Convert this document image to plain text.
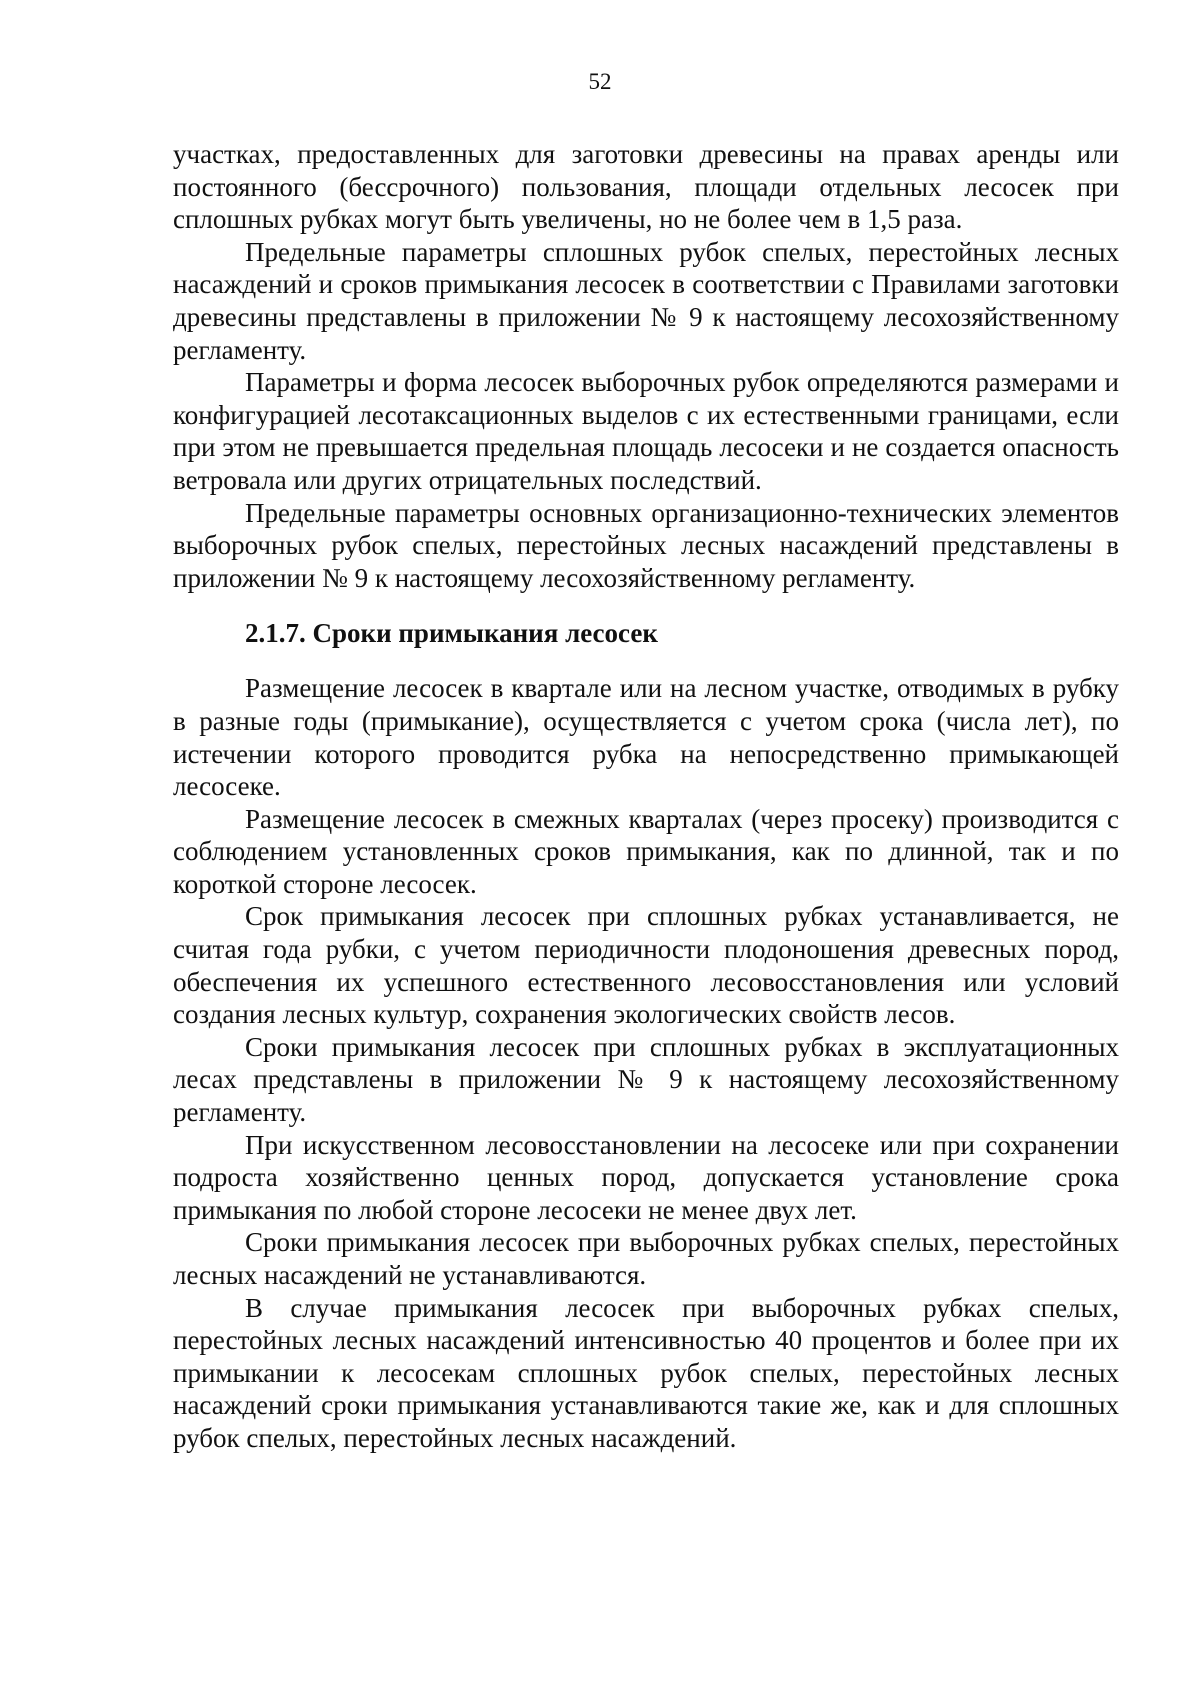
52

участках, предоставленных для заготовки древесины на правах аренды или постоянного (бессрочного) пользования, площади отдельных лесосек при сплошных рубках могут быть увеличены, но не более чем в 1,5 раза.

Предельные параметры сплошных рубок спелых, перестойных лесных насаждений и сроков примыкания лесосек в соответствии с Правилами заготовки древесины представлены в приложении № 9 к настоящему лесохозяйственному регламенту.

Параметры и форма лесосек выборочных рубок определяются размерами и конфигурацией лесотаксационных выделов с их естественными границами, если при этом не превышается предельная площадь лесосеки и не создается опасность ветровала или других отрицательных последствий.

Предельные параметры основных организационно-технических элементов выборочных рубок спелых, перестойных лесных насаждений представлены в приложении № 9 к настоящему лесохозяйственному регламенту.

2.1.7. Сроки примыкания лесосек

Размещение лесосек в квартале или на лесном участке, отводимых в рубку в разные годы (примыкание), осуществляется с учетом срока (числа лет), по истечении которого проводится рубка на непосредственно примыкающей лесосеке.

Размещение лесосек в смежных кварталах (через просеку) производится с соблюдением установленных сроков примыкания, как по длинной, так и по короткой стороне лесосек.

Срок примыкания лесосек при сплошных рубках устанавливается, не считая года рубки, с учетом периодичности плодоношения древесных пород, обеспечения их успешного естественного лесовосстановления или условий создания лесных культур, сохранения экологических свойств лесов.

Сроки примыкания лесосек при сплошных рубках в эксплуатационных лесах представлены в приложении № 9 к настоящему лесохозяйственному регламенту.

При искусственном лесовосстановлении на лесосеке или при сохранении подроста хозяйственно ценных пород, допускается установление срока примыкания по любой стороне лесосеки не менее двух лет.

Сроки примыкания лесосек при выборочных рубках спелых, перестойных лесных насаждений не устанавливаются.

В случае примыкания лесосек при выборочных рубках спелых, перестойных лесных насаждений интенсивностью 40 процентов и более при их примыкании к лесосекам сплошных рубок спелых, перестойных лесных насаждений сроки примыкания устанавливаются такие же, как и для сплошных рубок спелых, перестойных лесных насаждений.
